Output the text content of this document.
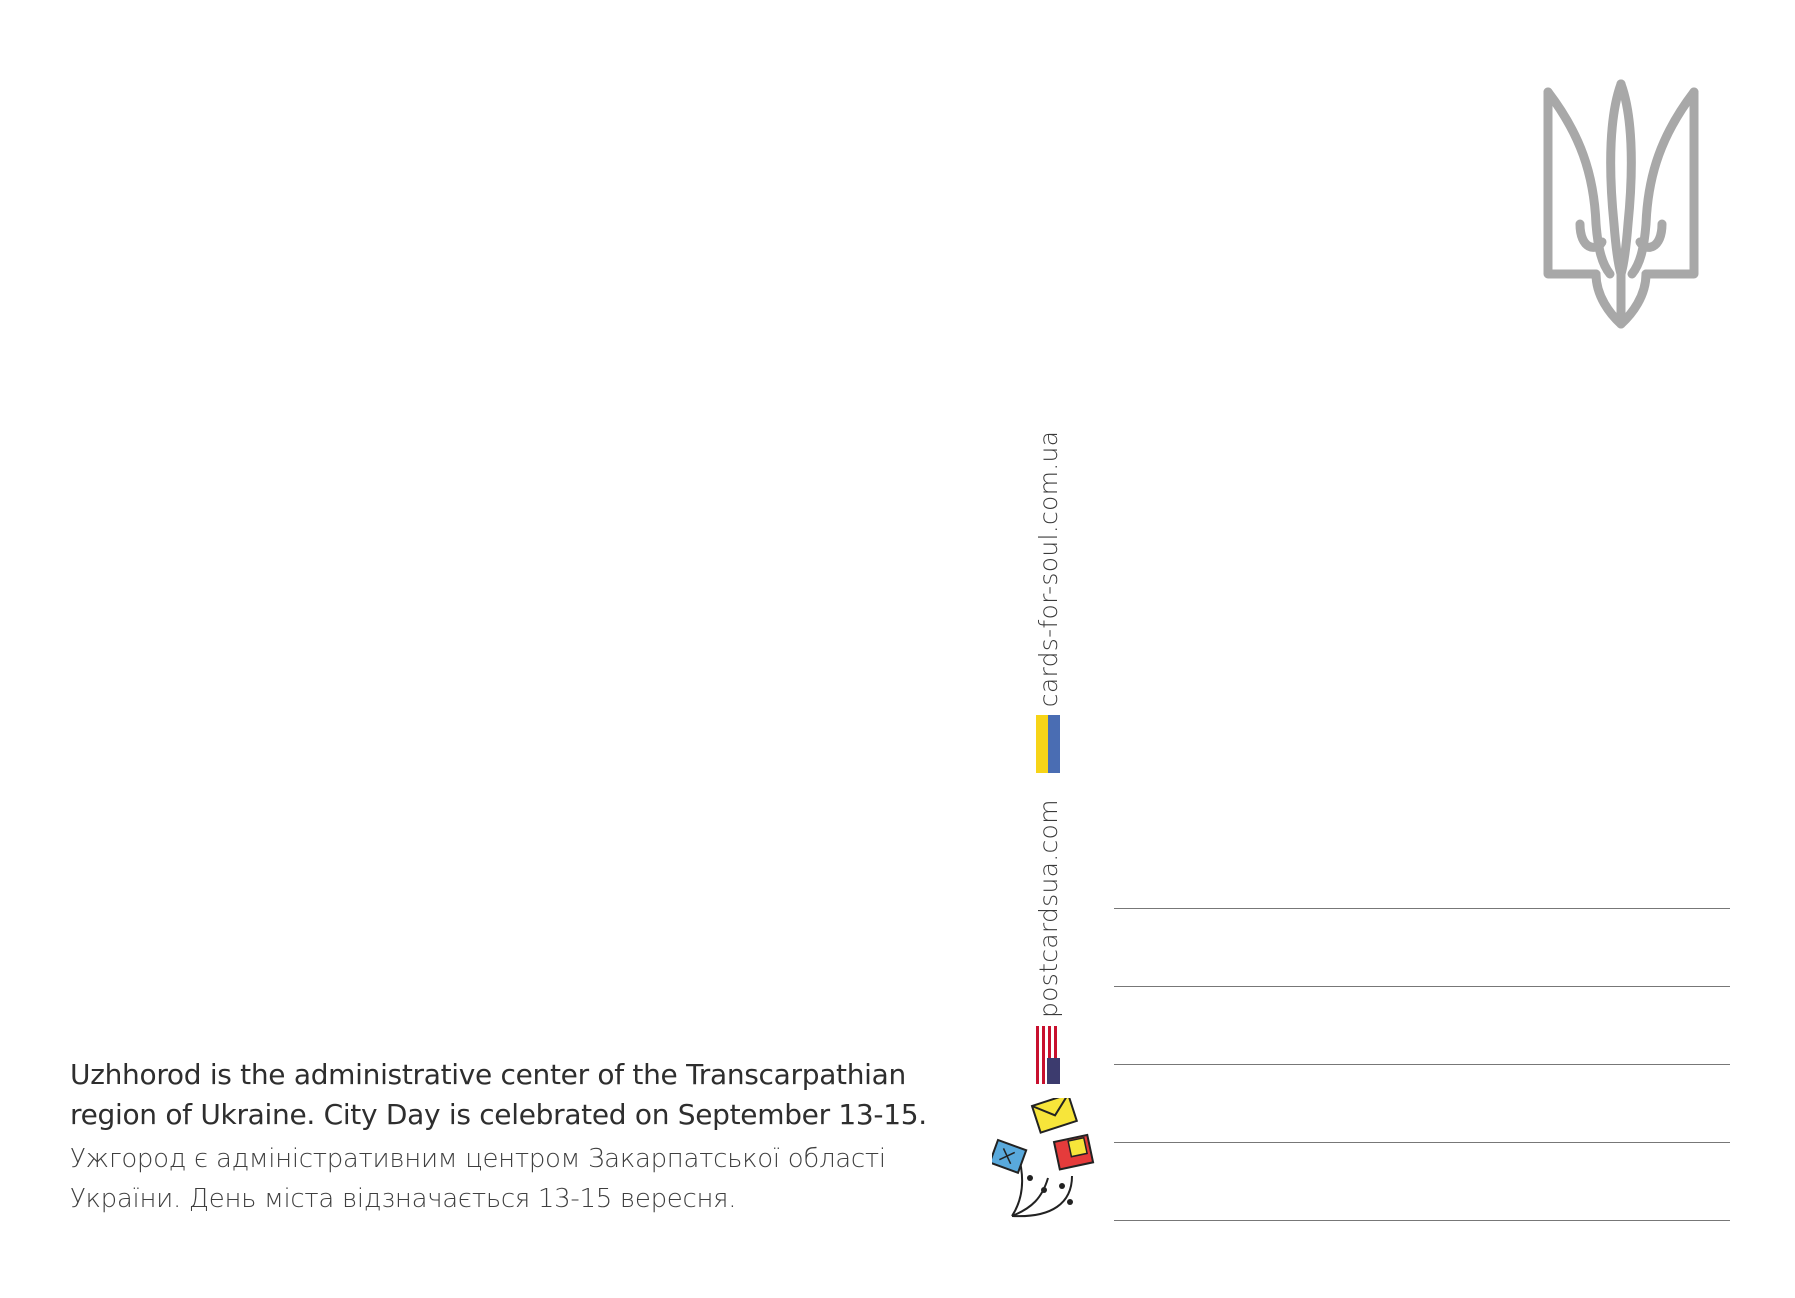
postcardsua.com
cards-for-soul.com.ua

Uzhhorod is the administrative center of the Transcarpathian
region of Ukraine. City Day is celebrated on September 13-15.

Ужгород є адміністративним центром Закарпатської області
України. День міста відзначається 13-15 вересня.
